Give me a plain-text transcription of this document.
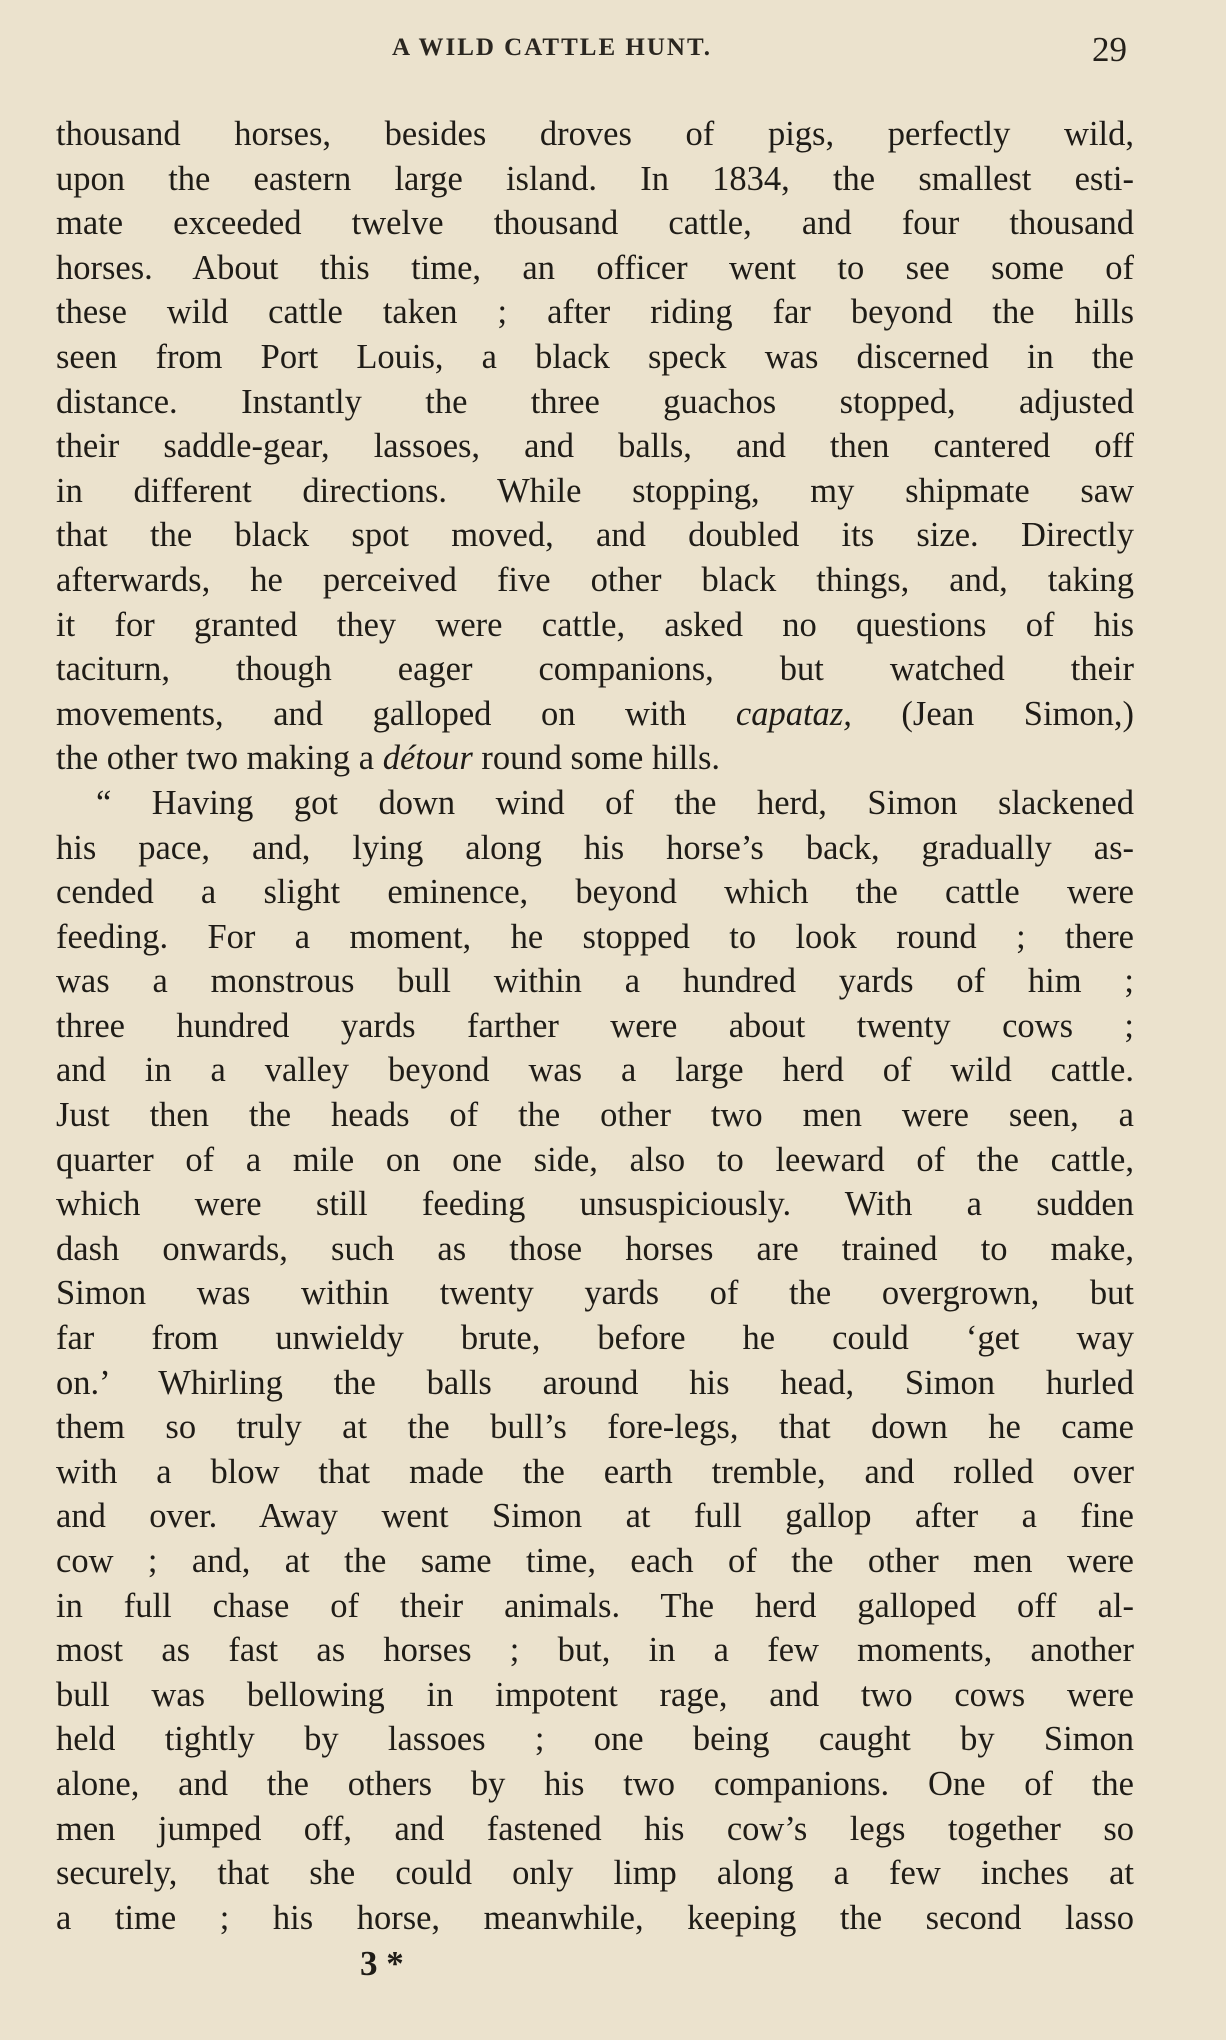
A WILD CATTLE HUNT.	29
thousand horses, besides droves of pigs, perfectly wild,
upon the eastern large island. In 1834, the smallest esti-
mate exceeded twelve thousand cattle, and four thousand
horses. About this time, an officer went to see some of
these wild cattle taken ; after riding far beyond the hills
seen from Port Louis, a black speck was discerned in the
distance. Instantly the three guachos stopped, adjusted
their saddle-gear, lassoes, and balls, and then cantered off
in different directions. While stopping, my shipmate saw
that the black spot moved, and doubled its size. Directly
afterwards, he perceived five other black things, and, taking
it for granted they were cattle, asked no questions of his
taciturn, though eager companions, but watched their
movements, and galloped on with capataz, (Jean Simon,)
the other two making a détour round some hills.
“ Having got down wind of the herd, Simon slackened
his pace, and, lying along his horse’s back, gradually as-
cended a slight eminence, beyond which the cattle were
feeding. For a moment, he stopped to look round ; there
was a monstrous bull within a hundred yards of him ;
three hundred yards farther were about twenty cows ;
and in a valley beyond was a large herd of wild cattle.
Just then the heads of the other two men were seen, a
quarter of a mile on one side, also to leeward of the cattle,
which were still feeding unsuspiciously. With a sudden
dash onwards, such as those horses are trained to make,
Simon was within twenty yards of the overgrown, but
far from unwieldy brute, before he could ‘get way
on.’ Whirling the balls around his head, Simon hurled
them so truly at the bull’s fore-legs, that down he came
with a blow that made the earth tremble, and rolled over
and over. Away went Simon at full gallop after a fine
cow ; and, at the same time, each of the other men were
in full chase of their animals. The herd galloped off al-
most as fast as horses ; but, in a few moments, another
bull was bellowing in impotent rage, and two cows were
held tightly by lassoes ; one being caught by Simon
alone, and the others by his two companions. One of the
men jumped off, and fastened his cow’s legs together so
securely, that she could only limp along a few inches at
a time ; his horse, meanwhile, keeping the second lasso
3 *
